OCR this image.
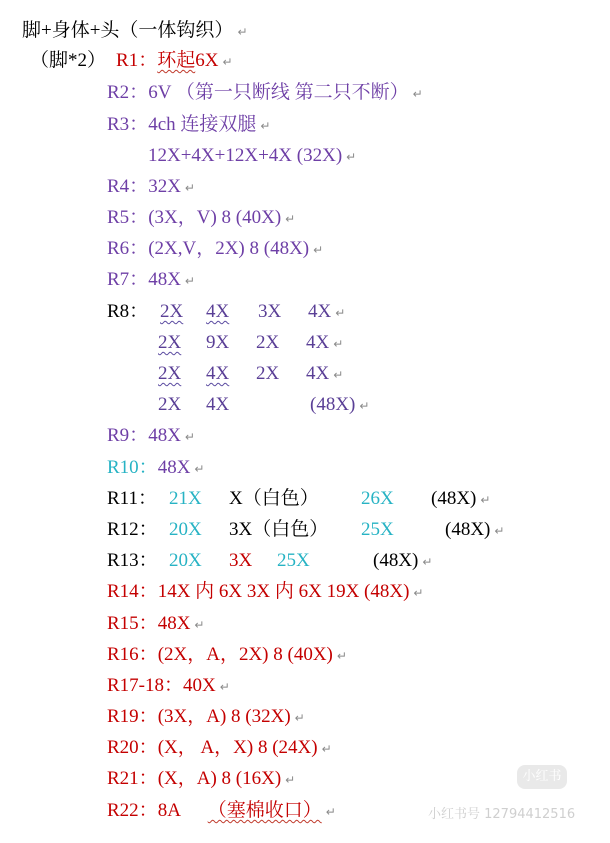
脚+身体+头（一体钩织） ↵
（脚*2） R1：环起6X ↵
R2：6V （第一只断线 第二只不断） ↵
R3：4ch 连接双腿 ↵
12X+4X+12X+4X (32X) ↵
R4：32X ↵
R5：(3X，V) 8 (40X) ↵
R6：(2X,V，2X) 8 (48X) ↵
R7：48X ↵
R8： 2X 4X 3X 4X ↵
2X 9X 2X 4X ↵
2X 4X 2X 4X ↵
2X 4X	(48X) ↵
R9：48X ↵
R10：48X ↵
R11： 21X X（白色） 26X (48X) ↵
R12： 20X 3X（白色） 25X	(48X) ↵
R13： 20X 3X 25X	(48X) ↵
R14：14X 内 6X 3X 内 6X 19X (48X) ↵
R15：48X ↵
R16：(2X，A，2X) 8 (40X) ↵
R17-18：40X ↵
R19：(3X，A) 8 (32X) ↵
R20：(X， A，X) 8 (24X) ↵
R21：(X，A) 8 (16X) ↵
R22：8A （塞棉收口） ↵
小红书
小红书号 12794412516
